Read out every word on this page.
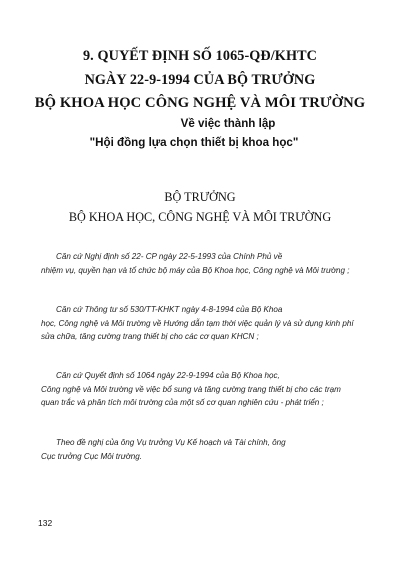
9. QUYẾT ĐỊNH SỐ 1065-QĐ/KHTC
NGÀY 22-9-1994 CỦA BỘ TRƯỞNG
BỘ KHOA HỌC CÔNG NGHỆ VÀ MÔI TRƯỜNG
Về việc thành lập
"Hội đồng lựa chọn thiết bị khoa học"
BỘ TRƯỞNG
BỘ KHOA HỌC, CÔNG NGHỆ VÀ MÔI TRƯỜNG

Căn cứ Nghị định số 22- CP ngày 22-5-1993 của Chính Phủ về

nhiệm vụ, quyền hạn và tổ chức bộ máy của Bộ Khoa học, Công nghệ và Môi trường ;

Căn cứ Thông tư số 530/TT-KHKT ngày 4-8-1994 của Bộ Khoa

học, Công nghệ và Môi trường về Hướng dẫn tạm thời việc quản lý và sử dụng kinh phí sửa chữa, tăng cường trang thiết bị cho các cơ quan KHCN ;

Căn cứ Quyết định số 1064 ngày 22-9-1994 của Bộ Khoa học,

Công nghệ và Môi trường về việc bổ sung và tăng cường trang thiết bị cho các trạm quan trắc và phân tích môi trường của một số cơ quan nghiên cứu - phát triển ;

Theo đề nghị của ông Vụ trưởng Vụ Kế hoạch và Tài chính, ông

Cục trưởng Cục Môi trường.

132
